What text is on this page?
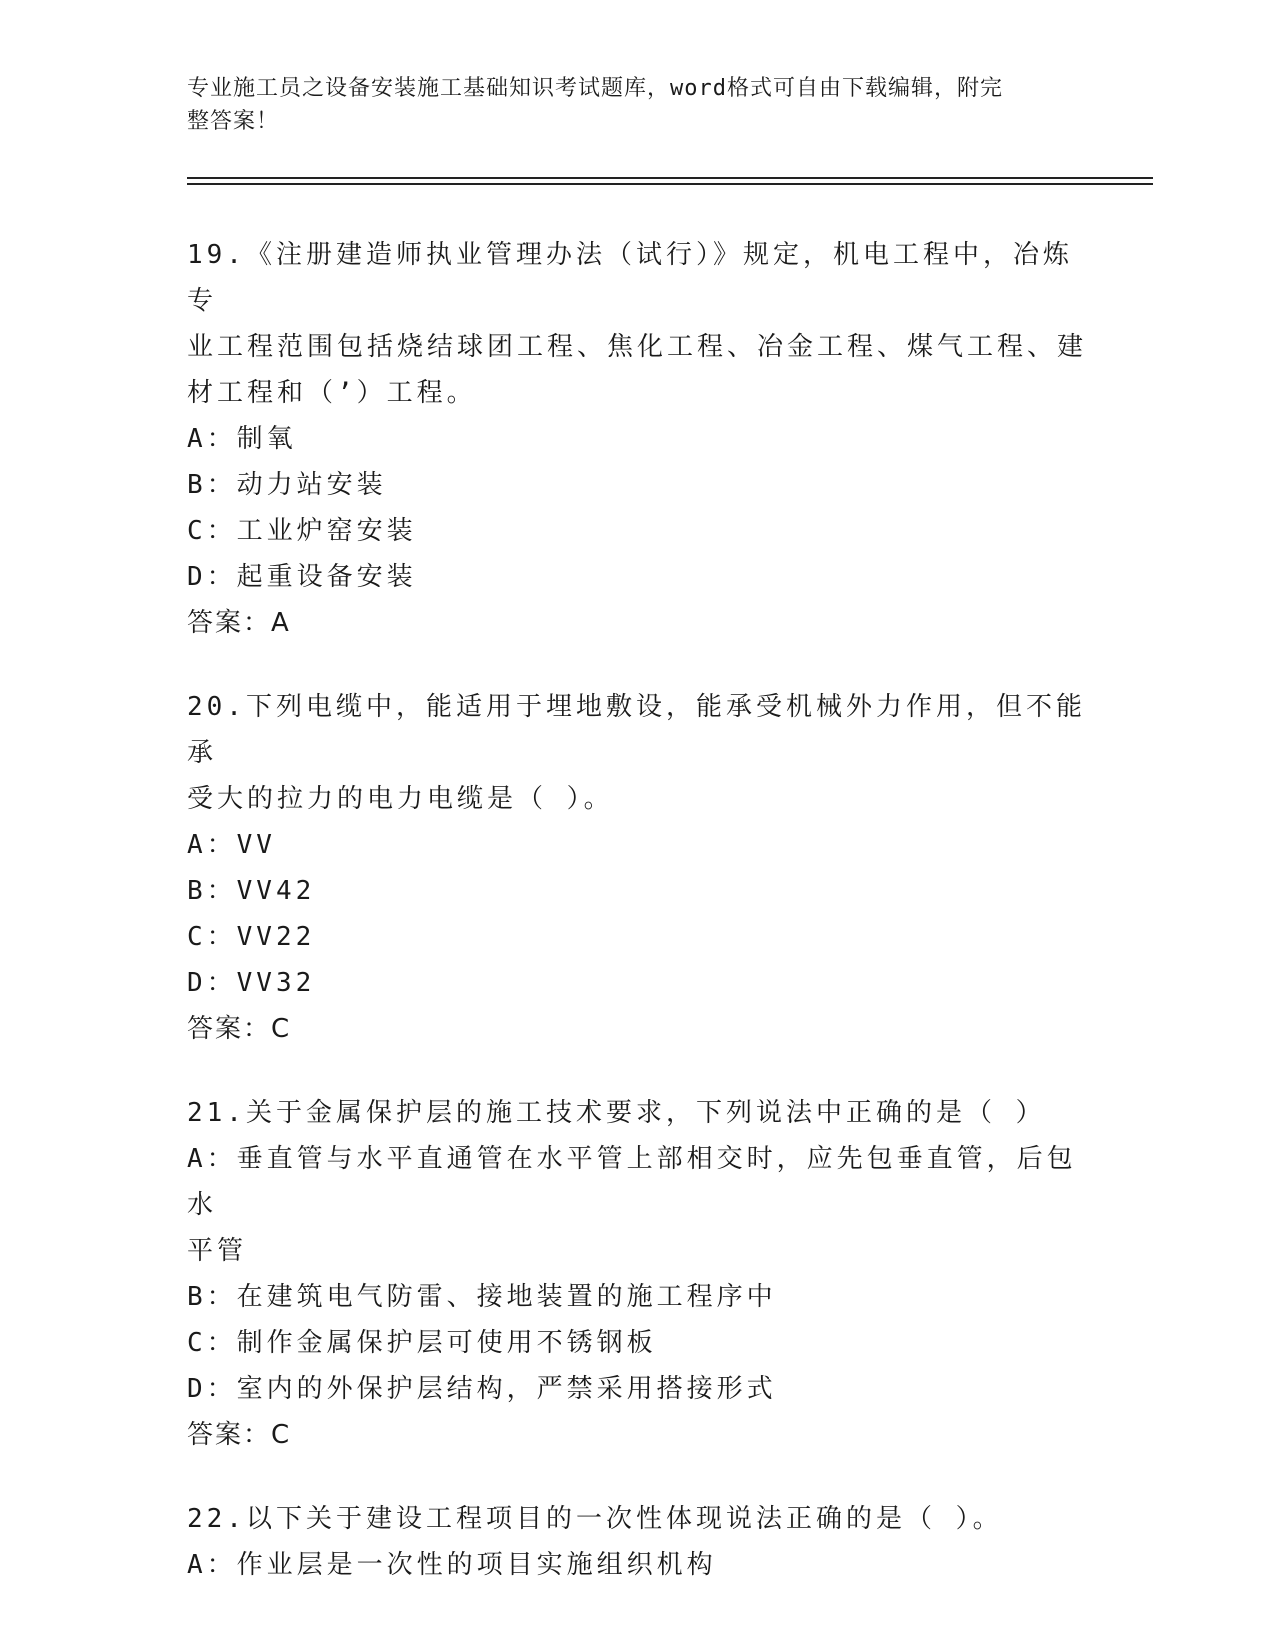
专业施工员之设备安装施工基础知识考试题库，word格式可自由下载编辑，附完
整答案！
19.《注册建造师执业管理办法（试行）》规定，机电工程中，冶炼专
业工程范围包括烧结球团工程、焦化工程、冶金工程、煤气工程、建
材工程和（’）工程。
A：制氧
B：动力站安装
C：工业炉窑安装
D：起重设备安装
答案：A
20.下列电缆中，能适用于埋地敷设，能承受机械外力作用，但不能承
受大的拉力的电力电缆是（ ）。
A：VV
B：VV42
C：VV22
D：VV32
答案：C
21.关于金属保护层的施工技术要求，下列说法中正确的是（ ）
A：垂直管与水平直通管在水平管上部相交时，应先包垂直管，后包水
平管
B：在建筑电气防雷、接地装置的施工程序中
C：制作金属保护层可使用不锈钢板
D：室内的外保护层结构，严禁采用搭接形式
答案：C
22.以下关于建设工程项目的一次性体现说法正确的是（ ）。
A：作业层是一次性的项目实施组织机构
